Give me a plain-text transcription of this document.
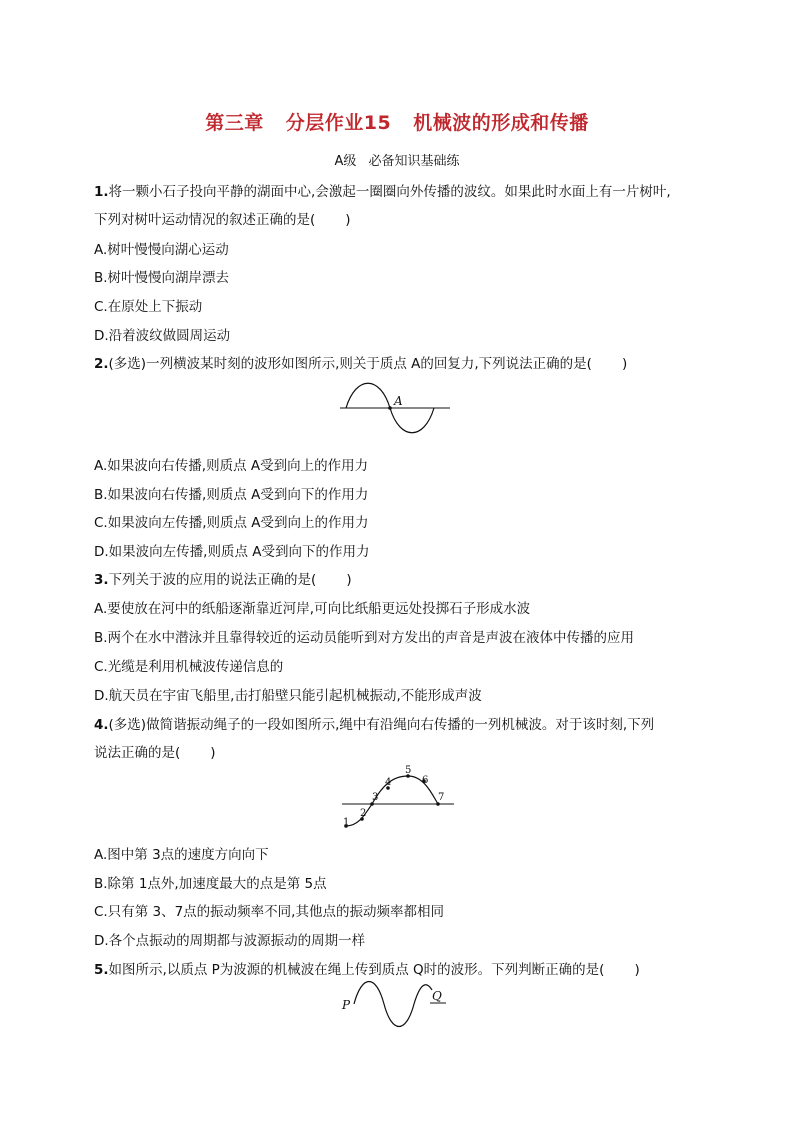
第三章 分层作业15 机械波的形成和传播
A级 必备知识基础练
1.将一颗小石子投向平静的湖面中心,会激起一圈圈向外传播的波纹。如果此时水面上有一片树叶,
下列对树叶运动情况的叙述正确的是( )
A.树叶慢慢向湖心运动
B.树叶慢慢向湖岸漂去
C.在原处上下振动
D.沿着波纹做圆周运动
2.(多选)一列横波某时刻的波形如图所示,则关于质点 A的回复力,下列说法正确的是( )
A
A.如果波向右传播,则质点 A受到向上的作用力
B.如果波向右传播,则质点 A受到向下的作用力
C.如果波向左传播,则质点 A受到向上的作用力
D.如果波向左传播,则质点 A受到向下的作用力
3.下列关于波的应用的说法正确的是( )
A.要使放在河中的纸船逐渐靠近河岸,可向比纸船更远处投掷石子形成水波
B.两个在水中潜泳并且靠得较近的运动员能听到对方发出的声音是声波在液体中传播的应用
C.光缆是利用机械波传递信息的
D.航天员在宇宙飞船里,击打船壁只能引起机械振动,不能形成声波
4.(多选)做简谐振动绳子的一段如图所示,绳中有沿绳向右传播的一列机械波。对于该时刻,下列
说法正确的是( )
1
2
3
4
5
6
7
A.图中第 3点的速度方向向下
B.除第 1点外,加速度最大的点是第 5点
C.只有第 3、7点的振动频率不同,其他点的振动频率都相同
D.各个点振动的周期都与波源振动的周期一样
5.如图所示,以质点 P为波源的机械波在绳上传到质点 Q时的波形。下列判断正确的是( )
P
Q
